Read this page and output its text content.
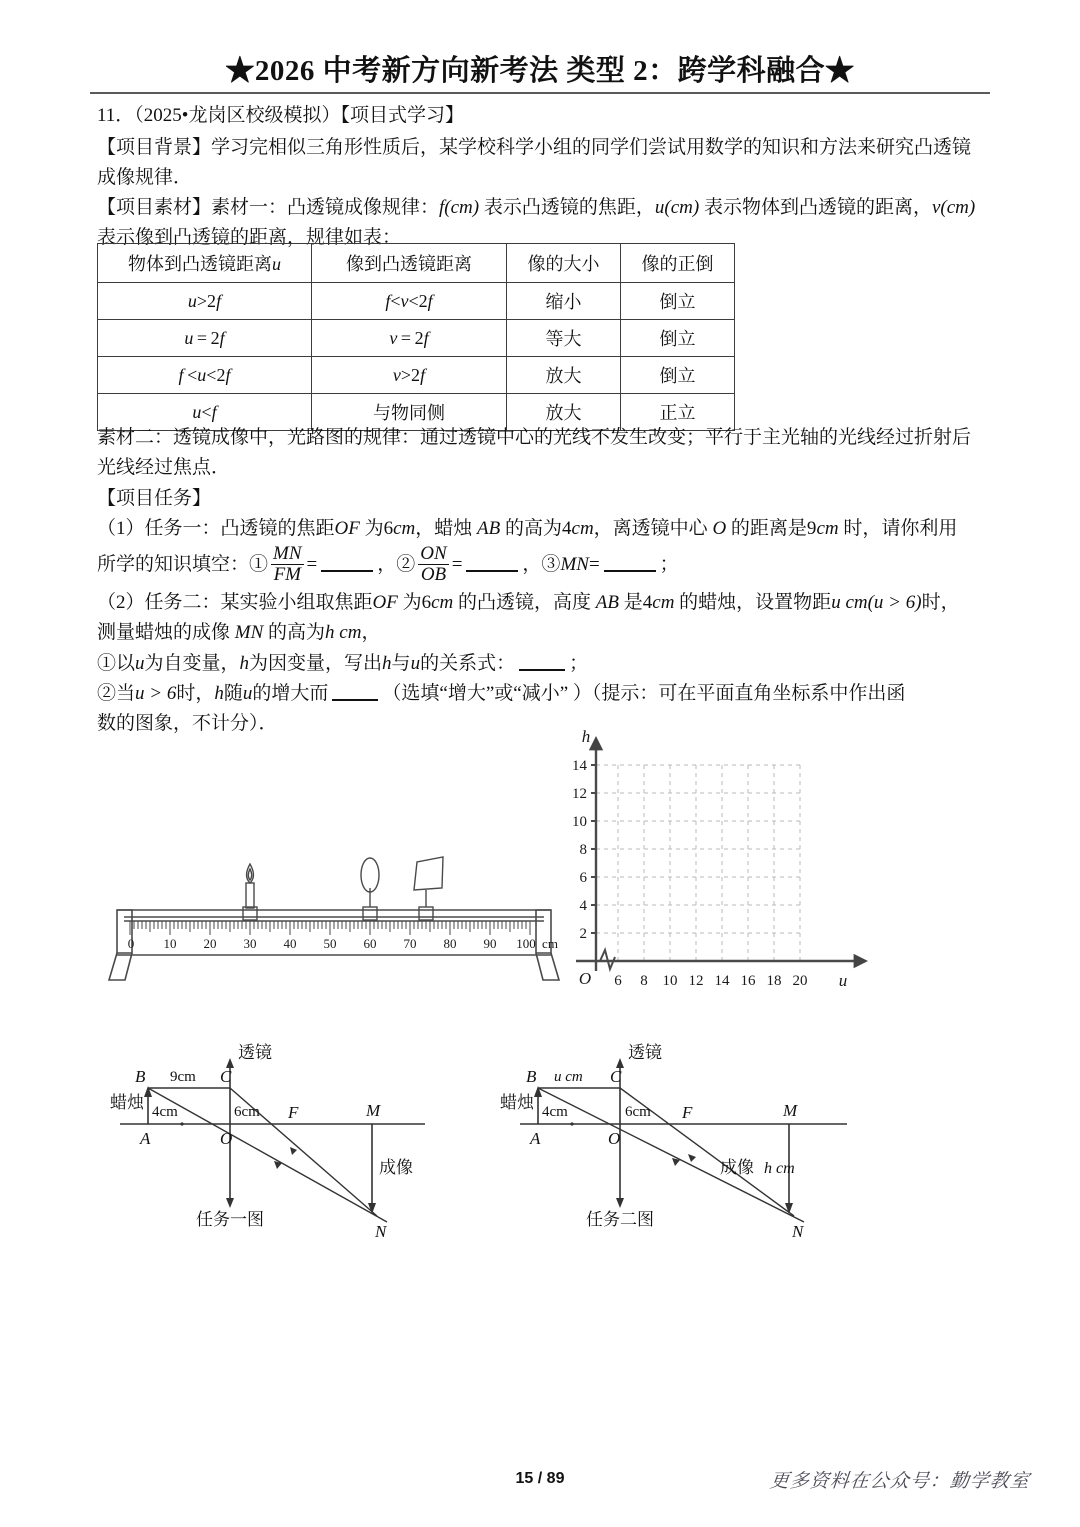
★2026 中考新方向新考法 类型 2：跨学科融合★
11．（2025•龙岗区校级模拟）【项目式学习】
【项目背景】学习完相似三角形性质后，某学校科学小组的同学们尝试用数学的知识和方法来研究凸透镜
成像规律．
【项目素材】素材一：凸透镜成像规律：f(cm) 表示凸透镜的焦距，u(cm) 表示物体到凸透镜的距离，v(cm)
表示像到凸透镜的距离，规律如表：
物体到凸透镜距离u	像到凸透镜距离	像的大小	像的正倒
u>2f	f<v<2f	缩小	倒立
u = 2f	v = 2f	等大	倒立
f <u<2f	v>2f	放大	倒立
u<f	与物同侧	放大	正立
素材二：透镜成像中，光路图的规律：通过透镜中心的光线不发生改变；平行于主光轴的光线经过折射后
光线经过焦点．
【项目任务】
（1）任务一：凸透镜的焦距OF 为6cm，蜡烛 AB 的高为4cm，离透镜中心 O 的距离是9cm 时，请你利用
所学的知识填空：① $\frac{MN}{FM}$ =	，② $\frac{ON}{OB}$ =	，③MN=	；
（2）任务二：某实验小组取焦距OF 为6cm 的凸透镜，高度 AB 是4cm 的蜡烛，设置物距u cm(u > 6)时，
测量蜡烛的成像 MN 的高为h cm，
①以u为自变量，h为因变量，写出h与u的关系式：	；
②当u > 6时，h随u的增大而	（选填“增大”或“减小” ）（提示：可在平面直角坐标系中作出函
数的图象，不计分）．
2
4
6
8
10
12
14
6 8 10 12 14 16 18 20
h
u
O
0 10 20 30 40 50 60 70 80 90 100 cm
B	C
A	O
F	M
N
9cm
4cm	6cm
蜡烛
透镜
成像
任务一图
B	C
A	O
F	M
N
u cm
4cm	6cm
蜡烛
透镜
成像 h cm
任务二图
15 / 89	更多资料在公众号：勤学教室
